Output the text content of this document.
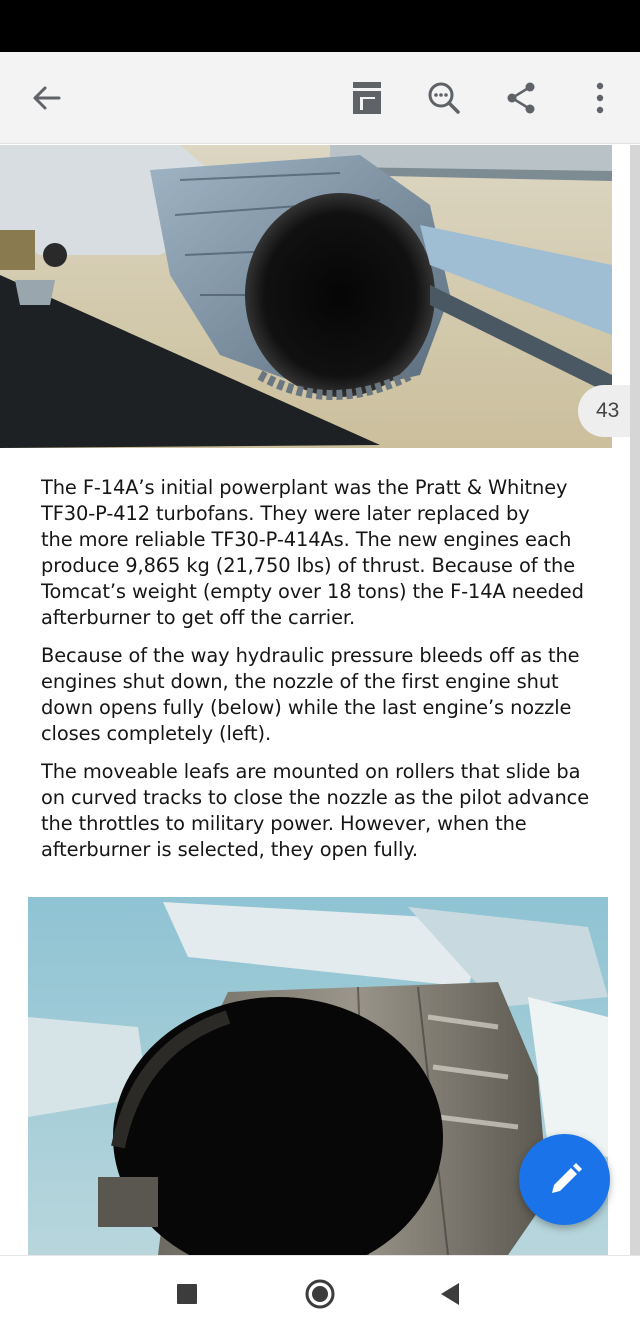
43

The F-14A’s initial powerplant was the Pratt & Whitney
TF30-P-412 turbofans. They were later replaced by
the more reliable TF30-P-414As. The new engines each
produce 9,865 kg (21,750 lbs) of thrust. Because of the
Tomcat’s weight (empty over 18 tons) the F-14A needed
afterburner to get off the carrier.

Because of the way hydraulic pressure bleeds off as the
engines shut down, the nozzle of the first engine shut
down opens fully (below) while the last engine’s nozzle
closes completely (left).

The moveable leafs are mounted on rollers that slide ba
on curved tracks to close the nozzle as the pilot advance
the throttles to military power. However, when the
afterburner is selected, they open fully.
